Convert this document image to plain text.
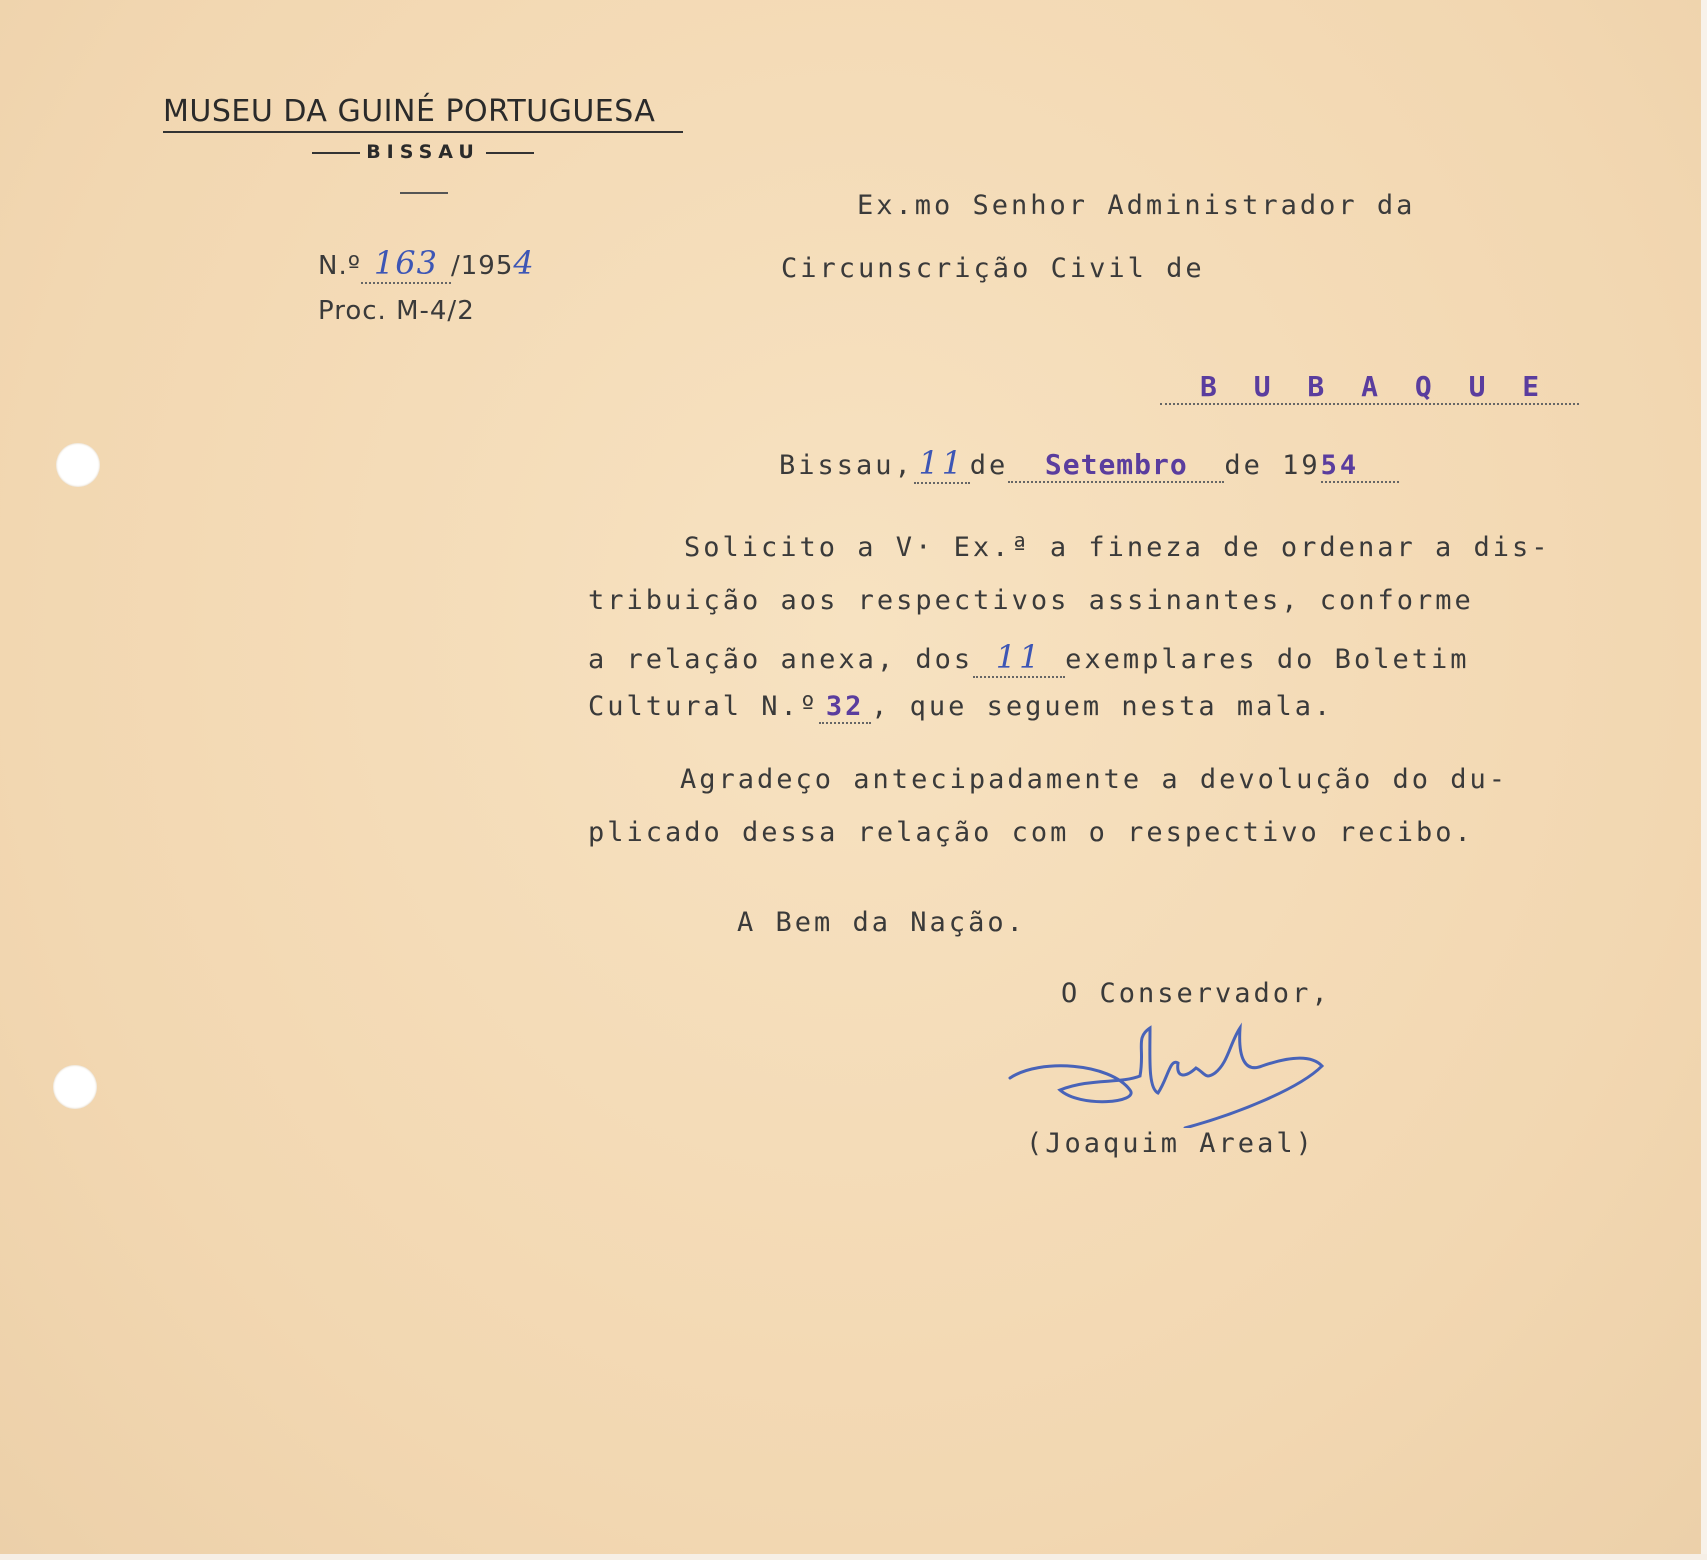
MUSEU DA GUINÉ PORTUGUESA
BISSAU
N.º 163 /1954
Proc. M-4/2
Ex.mo Senhor Administrador da
Circunscrição Civil de
B U B A Q U E
Bissau, 11 de Setembro de 1954
Solicito a V· Ex.ª a fineza de ordenar a dis-
tribuição aos respectivos assinantes, conforme
a relação anexa, dos 11 exemplares do Boletim
Cultural N.º 32 , que seguem nesta mala.
Agradeço antecipadamente a devolução do du-
plicado dessa relação com o respectivo recibo.
A Bem da Nação.
O Conservador,
(Joaquim Areal)
